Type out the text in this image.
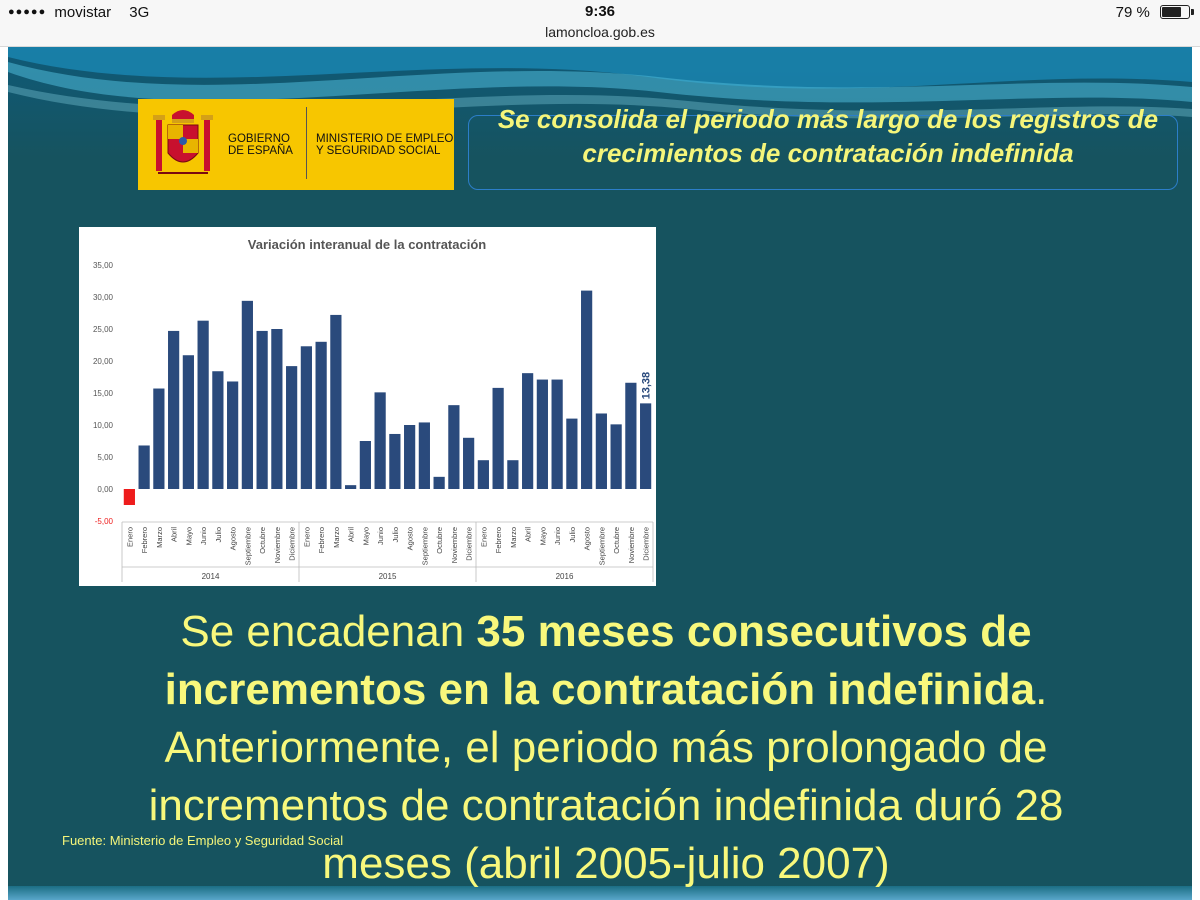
●●●●● movistar 3G	9:36
lamoncloa.gob.es
79 %
GOBIERNO DE ESPAÑA
MINISTERIO DE EMPLEO Y SEGURIDAD SOCIAL
Se consolida el periodo más largo de los registros de crecimientos de contratación indefinida
Variación interanual de la contratación
35,00
30,00
25,00
20,00
15,00
10,00
5,00
0,00
-5,00
13,38
Enero Febrero Marzo Abril Mayo Junio Julio Agosto Septiembre Octubre Noviembre Diciembre Enero Febrero Marzo Abril Mayo Junio Julio Agosto Septiembre Octubre Noviembre Diciembre Enero Febrero Marzo Abril Mayo Junio Julio Agosto Septiembre Octubre Noviembre Diciembre
2014	2015	2016
Se encadenan 35 meses consecutivos de
incrementos en la contratación indefinida.
Anteriormente, el periodo más prolongado de
incrementos de contratación indefinida duró 28
meses (abril 2005-julio 2007)
Fuente: Ministerio de Empleo y Seguridad Social
